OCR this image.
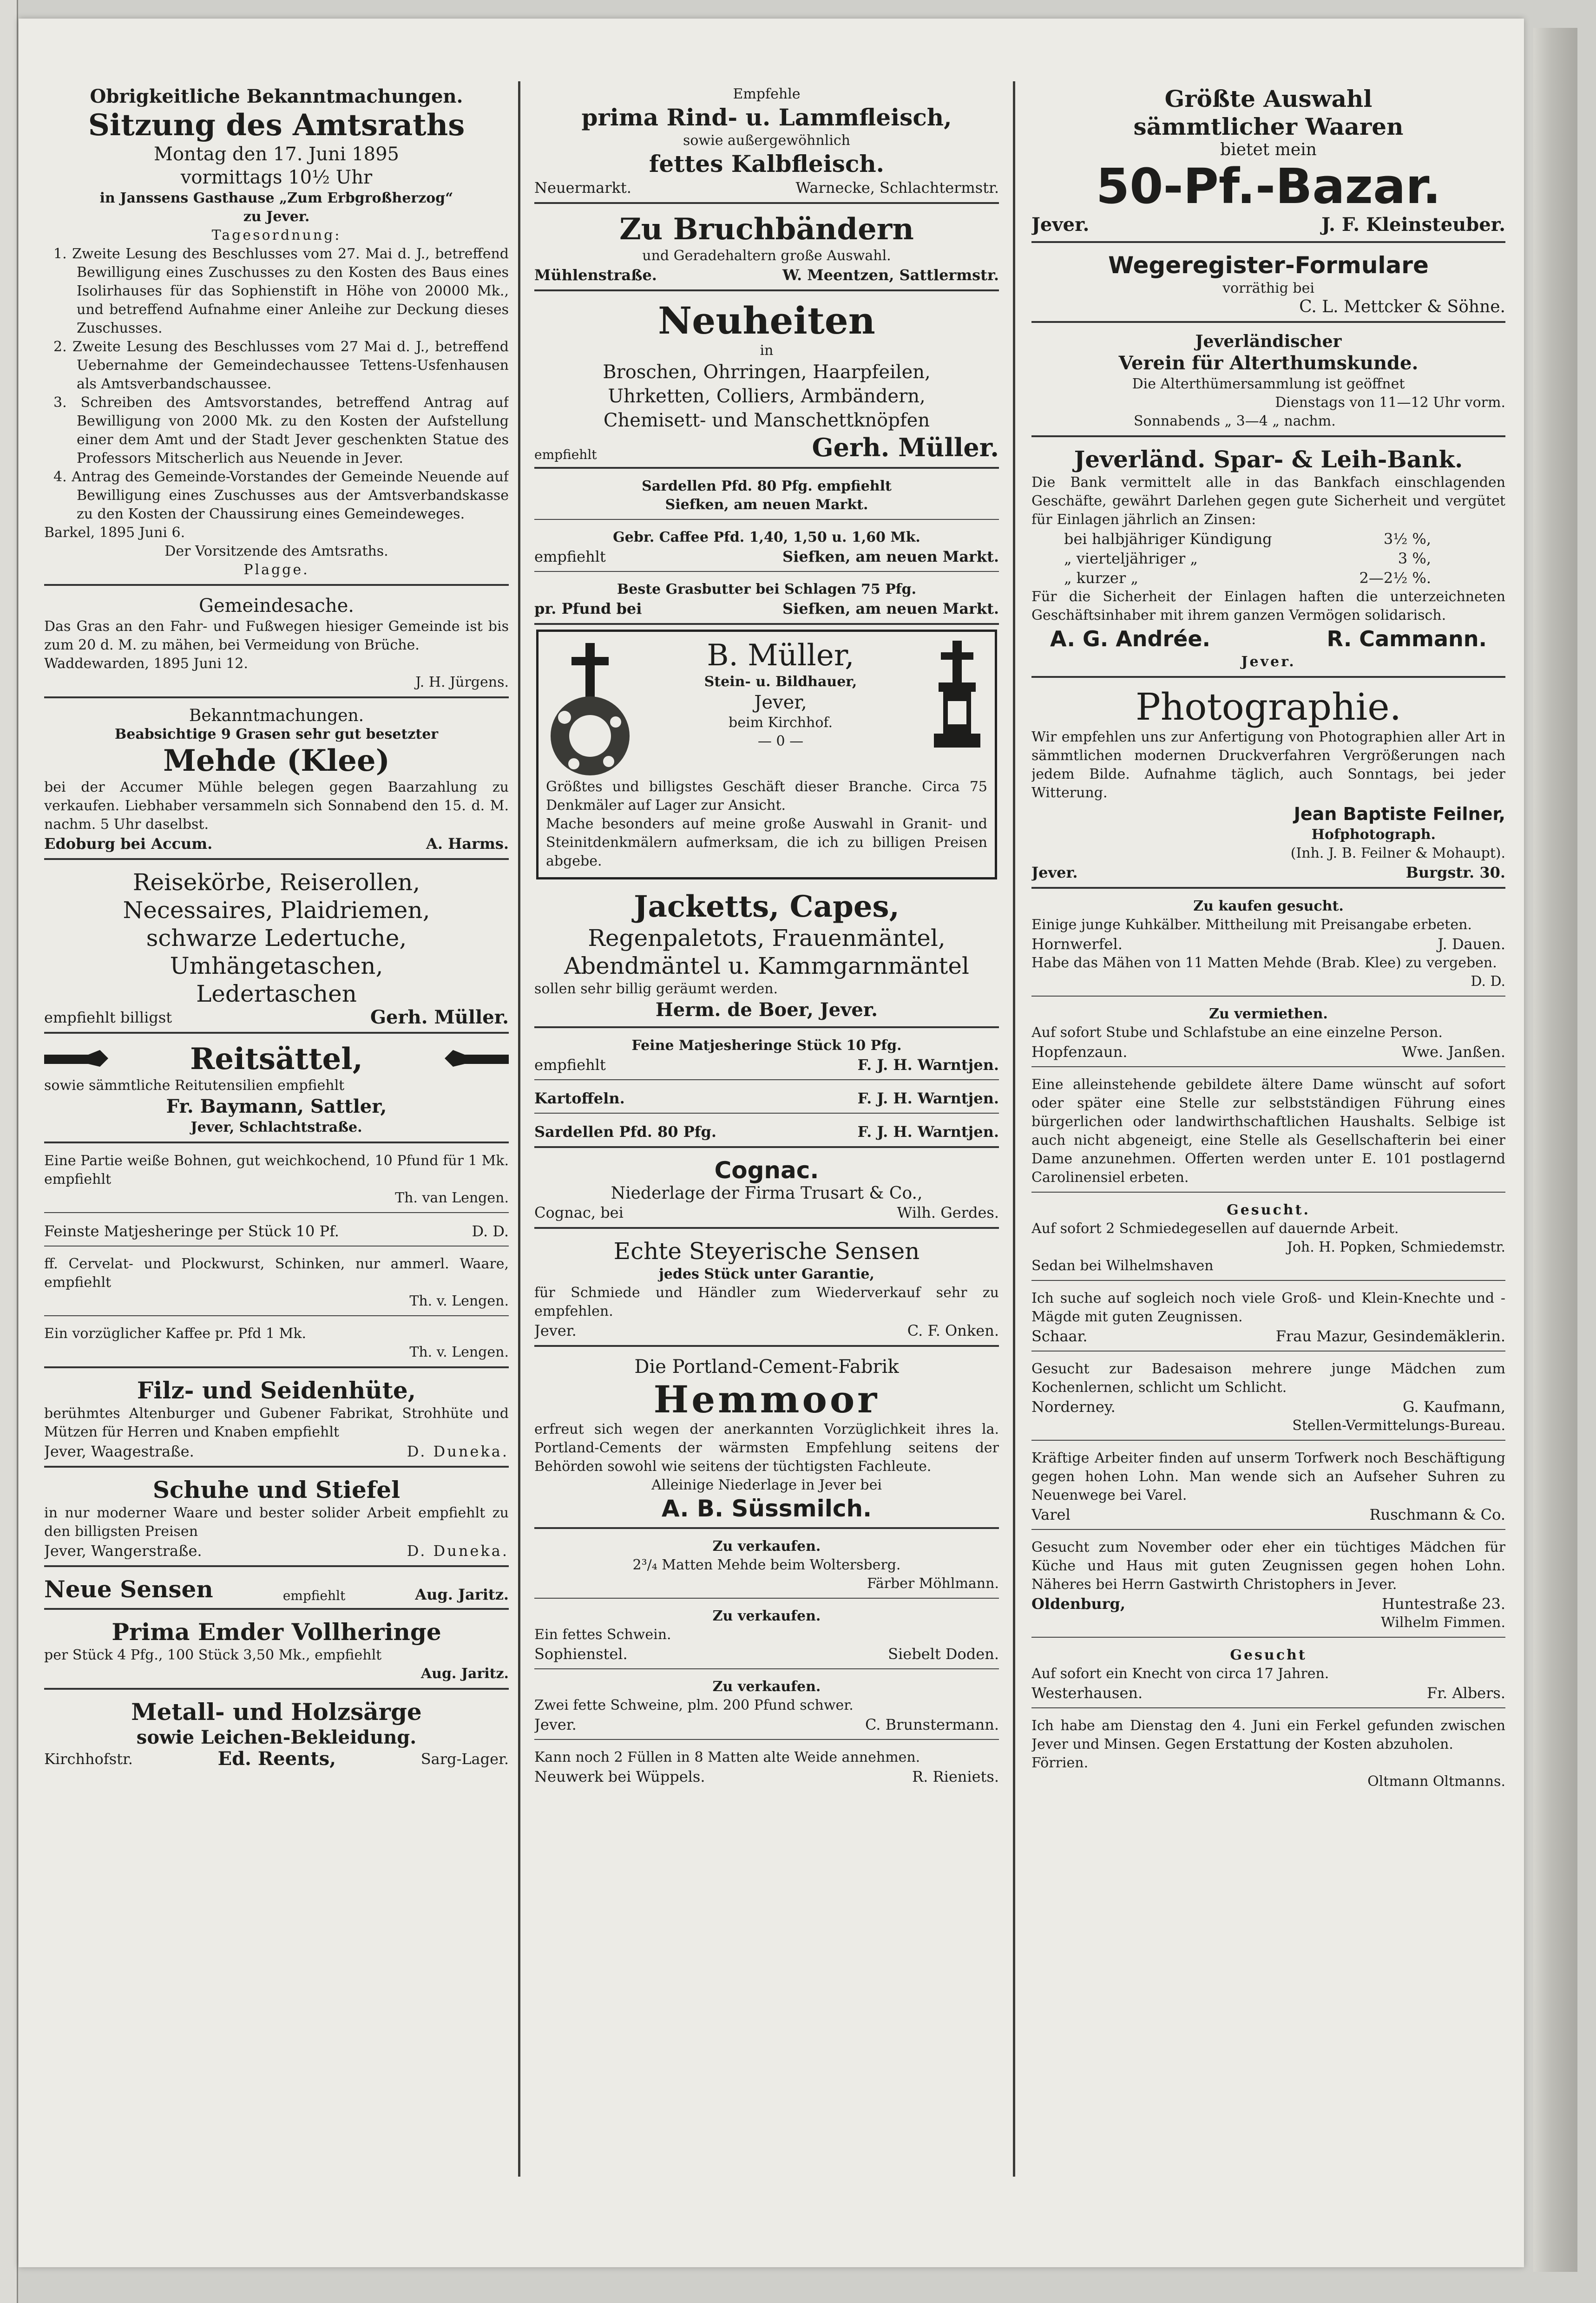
Obrigkeitliche Bekanntmachungen.

Sitzung des Amtsraths

Montag den 17. Juni 1895

vormittags 10½ Uhr

in Janssens Gasthause „Zum Erbgroßherzog“

zu Jever.

Tagesordnung:

1. Zweite Lesung des Beschlusses vom 27. Mai d. J., betreffend Bewilligung eines Zuschusses zu den Kosten des Baus eines Isolirhauses für das Sophienstift in Höhe von 20000 Mk., und betreffend Aufnahme einer Anleihe zur Deckung dieses Zuschusses.

2. Zweite Lesung des Beschlusses vom 27 Mai d. J., betreffend Uebernahme der Gemeindechaussee Tettens-Usfenhausen als Amtsverbandschaussee.

3. Schreiben des Amtsvorstandes, betreffend Antrag auf Bewilligung von 2000 Mk. zu den Kosten der Aufstellung einer dem Amt und der Stadt Jever geschenkten Statue des Professors Mitscherlich aus Neuende in Jever.

4. Antrag des Gemeinde-Vorstandes der Gemeinde Neuende auf Bewilligung eines Zuschusses aus der Amtsverbandskasse zu den Kosten der Chaussirung eines Gemeindeweges.

Barkel, 1895 Juni 6.

Der Vorsitzende des Amtsraths.

Plagge.

Gemeindesache.

Das Gras an den Fahr- und Fußwegen hiesiger Gemeinde ist bis zum 20 d. M. zu mähen, bei Vermeidung von Brüche.

Waddewarden, 1895 Juni 12.

J. H. Jürgens.

Bekanntmachungen.

Beabsichtige 9 Grasen sehr gut besetzter

Mehde (Klee)

bei der Accumer Mühle belegen gegen Baarzahlung zu verkaufen. Liebhaber versammeln sich Sonnabend den 15. d. M. nachm. 5 Uhr daselbst.

Edoburg bei Accum.	A. Harms.

Reisekörbe, Reiserollen,

Necessaires, Plaidriemen,

schwarze Ledertuche,

Umhängetaschen,

Ledertaschen

empfiehlt billigst	Gerh. Müller.

Reitsättel,

sowie sämmtliche Reitutensilien empfiehlt

Fr. Baymann, Sattler,

Jever, Schlachtstraße.

Eine Partie weiße Bohnen, gut weichkochend, 10 Pfund für 1 Mk. empfiehlt

Th. van Lengen.

Feinste Matjesheringe per Stück 10 Pf.	D. D.

ff. Cervelat- und Plockwurst, Schinken, nur ammerl. Waare, empfiehlt

Th. v. Lengen.

Ein vorzüglicher Kaffee pr. Pfd 1 Mk.

Th. v. Lengen.

Filz- und Seidenhüte,

berühmtes Altenburger und Gubener Fabrikat, Strohhüte und Mützen für Herren und Knaben empfiehlt

Jever, Waagestraße.	D. Duneka.

Schuhe und Stiefel

in nur moderner Waare und bester solider Arbeit empfiehlt zu den billigsten Preisen

Jever, Wangerstraße.	D. Duneka.
Neue Sensen	empfiehlt	Aug. Jaritz.

Prima Emder Vollheringe

per Stück 4 Pfg., 100 Stück 3,50 Mk., empfiehlt

Aug. Jaritz.

Metall- und Holzsärge

sowie Leichen-Bekleidung.

Kirchhofstr.	Ed. Reents,	Sarg-Lager.

Empfehle

prima Rind- u. Lammfleisch,

sowie außergewöhnlich

fettes Kalbfleisch.

Neuermarkt.	Warnecke, Schlachtermstr.

Zu Bruchbändern

und Geradehaltern große Auswahl.

Mühlenstraße.	W. Meentzen, Sattlermstr.

Neuheiten

in

Broschen, Ohrringen, Haarpfeilen,

Uhrketten, Colliers, Armbändern,

Chemisett- und Manschettknöpfen

empfiehlt	Gerh. Müller.

Sardellen Pfd. 80 Pfg. empfiehlt

Siefken, am neuen Markt.

Gebr. Caffee Pfd. 1,40, 1,50 u. 1,60 Mk.

empfiehlt	Siefken, am neuen Markt.

Beste Grasbutter bei Schlagen 75 Pfg.

pr. Pfund bei	Siefken, am neuen Markt.

B. Müller,

Stein- u. Bildhauer,

Jever,

beim Kirchhof.

— 0 —

Größtes und billigstes Geschäft dieser Branche. Circa 75 Denkmäler auf Lager zur Ansicht.

Mache besonders auf meine große Auswahl in Granit- und Steinitdenkmälern aufmerksam, die ich zu billigen Preisen abgebe.

Jacketts, Capes,

Regenpaletots, Frauenmäntel,

Abendmäntel u. Kammgarnmäntel

sollen sehr billig geräumt werden.

Herm. de Boer, Jever.

Feine Matjesheringe Stück 10 Pfg.

empfiehlt	F. J. H. Warntjen.
Kartoffeln.	F. J. H. Warntjen.
Sardellen Pfd. 80 Pfg.	F. J. H. Warntjen.

Cognac.

Niederlage der Firma Trusart & Co.,

Cognac, bei	Wilh. Gerdes.

Echte Steyerische Sensen

jedes Stück unter Garantie,

für Schmiede und Händler zum Wiederverkauf sehr zu empfehlen.

Jever.	C. F. Onken.

Die Portland-Cement-Fabrik

Hemmoor

erfreut sich wegen der anerkannten Vorzüglichkeit ihres la. Portland-Cements der wärmsten Empfehlung seitens der Behörden sowohl wie seitens der tüchtigsten Fachleute.

Alleinige Niederlage in Jever bei

A. B. Süssmilch.

Zu verkaufen.

2³/₄ Matten Mehde beim Woltersberg.

Färber Möhlmann.

Zu verkaufen.

Ein fettes Schwein.

Sophienstel.	Siebelt Doden.

Zu verkaufen.

Zwei fette Schweine, plm. 200 Pfund schwer.

Jever.	C. Brunstermann.

Kann noch 2 Füllen in 8 Matten alte Weide annehmen.

Neuwerk bei Wüppels.	R. Rieniets.

Größte Auswahl

sämmtlicher Waaren

bietet mein

50-Pf.-Bazar.

Jever.	J. F. Kleinsteuber.

Wegeregister-Formulare

vorräthig bei

C. L. Mettcker & Söhne.

Jeverländischer

Verein für Alterthumskunde.

Die Alterthümersammlung ist geöffnet

Dienstags von 11—12 Uhr vorm.

Sonnabends „ 3—4 „ nachm.

Jeverländ. Spar- & Leih-Bank.

Die Bank vermittelt alle in das Bankfach einschlagenden Geschäfte, gewährt Darlehen gegen gute Sicherheit und vergütet für Einlagen jährlich an Zinsen:

bei halbjähriger Kündigung	3½ %,
„ vierteljähriger „	3 %,
„ kurzer „	2—2½ %.

Für die Sicherheit der Einlagen haften die unterzeichneten Geschäftsinhaber mit ihrem ganzen Vermögen solidarisch.

A. G. Andrée.	R. Cammann.

Jever.

Photographie.

Wir empfehlen uns zur Anfertigung von Photographien aller Art in sämmtlichen modernen Druckverfahren Vergrößerungen nach jedem Bilde. Aufnahme täglich, auch Sonntags, bei jeder Witterung.

Jean Baptiste Feilner,

Hofphotograph.

(Inh. J. B. Feilner & Mohaupt).

Jever.	Burgstr. 30.

Zu kaufen gesucht.

Einige junge Kuhkälber. Mittheilung mit Preisangabe erbeten.

Hornwerfel.	J. Dauen.

Habe das Mähen von 11 Matten Mehde (Brab. Klee) zu vergeben.

D. D.

Zu vermiethen.

Auf sofort Stube und Schlafstube an eine einzelne Person.

Hopfenzaun.	Wwe. Janßen.

Eine alleinstehende gebildete ältere Dame wünscht auf sofort oder später eine Stelle zur selbstständigen Führung eines bürgerlichen oder landwirthschaftlichen Haushalts. Selbige ist auch nicht abgeneigt, eine Stelle als Gesellschafterin bei einer Dame anzunehmen. Offerten werden unter E. 101 postlagernd Carolinensiel erbeten.

Gesucht.

Auf sofort 2 Schmiedegesellen auf dauernde Arbeit.

Joh. H. Popken, Schmiedemstr.

Sedan bei Wilhelmshaven

Ich suche auf sogleich noch viele Groß- und Klein-Knechte und -Mägde mit guten Zeugnissen.

Schaar.	Frau Mazur, Gesindemäklerin.

Gesucht zur Badesaison mehrere junge Mädchen zum Kochenlernen, schlicht um Schlicht.

Norderney.	G. Kaufmann,

Stellen-Vermittelungs-Bureau.

Kräftige Arbeiter finden auf unserm Torfwerk noch Beschäftigung gegen hohen Lohn. Man wende sich an Aufseher Suhren zu Neuenwege bei Varel.

Varel	Ruschmann & Co.

Gesucht zum November oder eher ein tüchtiges Mädchen für Küche und Haus mit guten Zeugnissen gegen hohen Lohn. Näheres bei Herrn Gastwirth Christophers in Jever.

Oldenburg,	Huntestraße 23.

Wilhelm Fimmen.

Gesucht

Auf sofort ein Knecht von circa 17 Jahren.

Westerhausen.	Fr. Albers.

Ich habe am Dienstag den 4. Juni ein Ferkel gefunden zwischen Jever und Minsen. Gegen Erstattung der Kosten abzuholen.

Förrien.

Oltmann Oltmanns.
